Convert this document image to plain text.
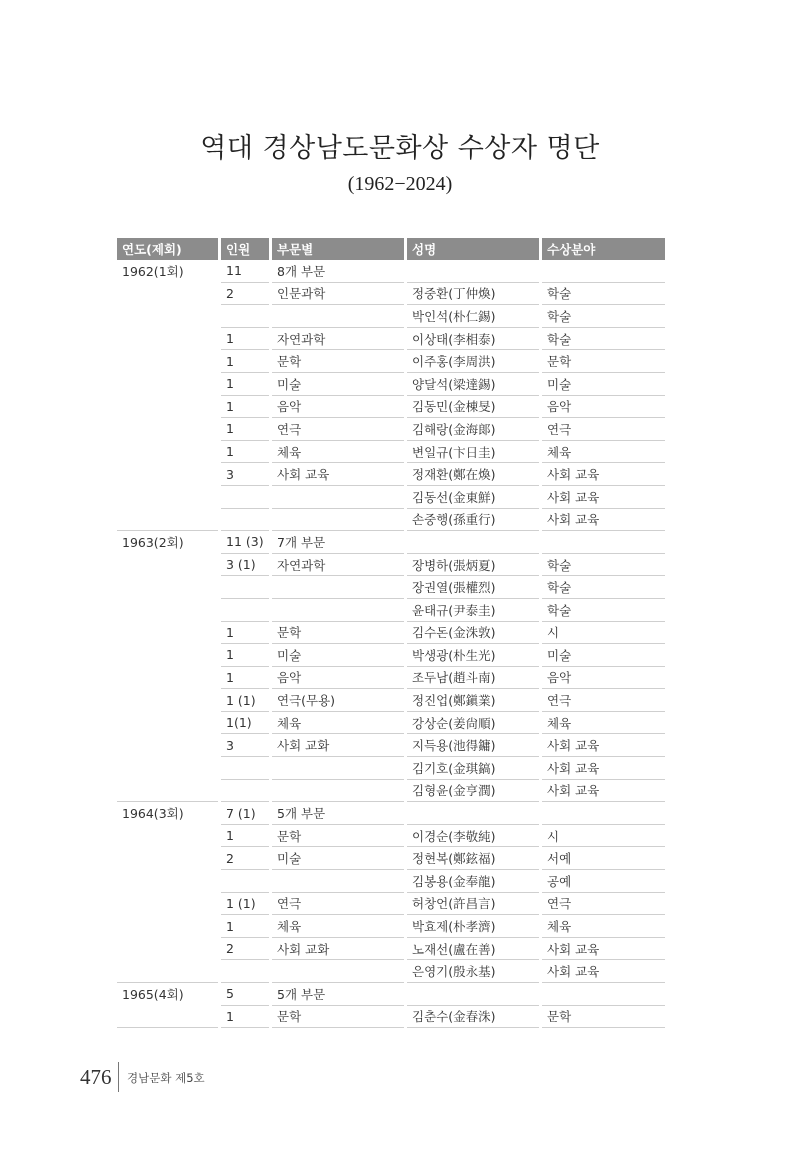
역대 경상남도문화상 수상자 명단
(1962−2024)
연도(제회)	인원	부문별	성명	수상분야
1962(1회)	11	8개 부문		
	2	인문과학	정중환(丁仲煥)	학술
			박인석(朴仁錫)	학술
	1	자연과학	이상태(李相泰)	학술
	1	문학	이주홍(李周洪)	문학
	1	미술	양달석(梁達錫)	미술
	1	음악	김동민(金棟旻)	음악
	1	연극	김해랑(金海郞)	연극
	1	체육	변일규(卞日圭)	체육
	3	사회 교육	정재환(鄭在煥)	사회 교육
			김동선(金東鮮)	사회 교육
			손중행(孫重行)	사회 교육
1963(2회)	11 (3)	7개 부문		
	3 (1)	자연과학	장병하(張炳夏)	학술
			장권열(張權烈)	학술
			윤태규(尹泰圭)	학술
	1	문학	김수돈(金洙敦)	시
	1	미술	박생광(朴生光)	미술
	1	음악	조두남(趙斗南)	음악
	1 (1)	연극(무용)	정진업(鄭鎭業)	연극
	1(1)	체육	강상순(姜尙順)	체육
	3	사회 교화	지득용(池得鏞)	사회 교육
			김기호(金琪鎬)	사회 교육
			김형윤(金亨潤)	사회 교육
1964(3회)	7 (1)	5개 부문		
	1	문학	이경순(李敬純)	시
	2	미술	정현복(鄭鉉福)	서예
			김봉용(金奉龍)	공예
	1 (1)	연극	허창언(許昌言)	연극
	1	체육	박효제(朴孝濟)	체육
	2	사회 교화	노재선(盧在善)	사회 교육
			은영기(殷永基)	사회 교육
1965(4회)	5	5개 부문		
	1	문학	김춘수(金春洙)	문학
476 경남문화 제5호
